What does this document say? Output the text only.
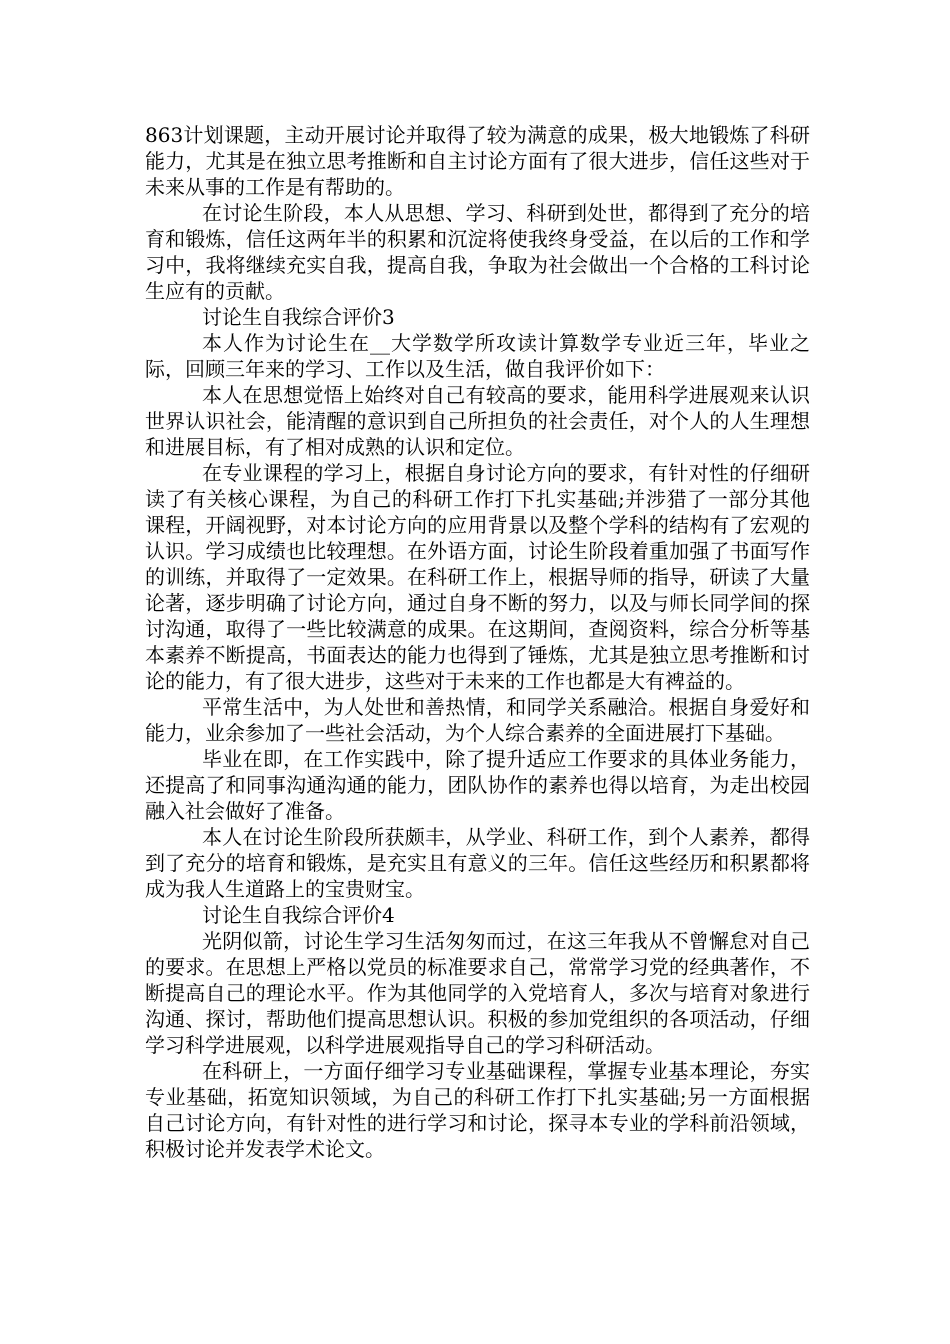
863计划课题，主动开展讨论并取得了较为满意的成果，极大地锻炼了科研能力，尤其是在独立思考推断和自主讨论方面有了很大进步，信任这些对于未来从事的工作是有帮助的。

在讨论生阶段，本人从思想、学习、科研到处世，都得到了充分的培育和锻炼，信任这两年半的积累和沉淀将使我终身受益，在以后的工作和学习中，我将继续充实自我，提高自我，争取为社会做出一个合格的工科讨论生应有的贡献。

讨论生自我综合评价3

本人作为讨论生在__大学数学所攻读计算数学专业近三年，毕业之际，回顾三年来的学习、工作以及生活，做自我评价如下：

本人在思想觉悟上始终对自己有较高的要求，能用科学进展观来认识世界认识社会，能清醒的意识到自己所担负的社会责任，对个人的人生理想和进展目标，有了相对成熟的认识和定位。

在专业课程的学习上，根据自身讨论方向的要求，有针对性的仔细研读了有关核心课程，为自己的科研工作打下扎实基础;并涉猎了一部分其他课程，开阔视野，对本讨论方向的应用背景以及整个学科的结构有了宏观的认识。学习成绩也比较理想。在外语方面，讨论生阶段着重加强了书面写作的训练，并取得了一定效果。在科研工作上，根据导师的指导，研读了大量论著，逐步明确了讨论方向，通过自身不断的努力，以及与师长同学间的探讨沟通，取得了一些比较满意的成果。在这期间，查阅资料，综合分析等基本素养不断提高，书面表达的能力也得到了锤炼，尤其是独立思考推断和讨论的能力，有了很大进步，这些对于未来的工作也都是大有裨益的。

平常生活中，为人处世和善热情，和同学关系融洽。根据自身爱好和能力，业余参加了一些社会活动，为个人综合素养的全面进展打下基础。

毕业在即，在工作实践中，除了提升适应工作要求的具体业务能力，还提高了和同事沟通沟通的能力，团队协作的素养也得以培育，为走出校园融入社会做好了准备。

本人在讨论生阶段所获颇丰，从学业、科研工作，到个人素养，都得到了充分的培育和锻炼，是充实且有意义的三年。信任这些经历和积累都将成为我人生道路上的宝贵财宝。

讨论生自我综合评价4

光阴似箭，讨论生学习生活匆匆而过，在这三年我从不曾懈怠对自己的要求。在思想上严格以党员的标准要求自己，常常学习党的经典著作，不断提高自己的理论水平。作为其他同学的入党培育人，多次与培育对象进行沟通、探讨，帮助他们提高思想认识。积极的参加党组织的各项活动，仔细学习科学进展观，以科学进展观指导自己的学习科研活动。

在科研上，一方面仔细学习专业基础课程，掌握专业基本理论，夯实专业基础，拓宽知识领域，为自己的科研工作打下扎实基础;另一方面根据自己讨论方向，有针对性的进行学习和讨论，探寻本专业的学科前沿领域，积极讨论并发表学术论文。
